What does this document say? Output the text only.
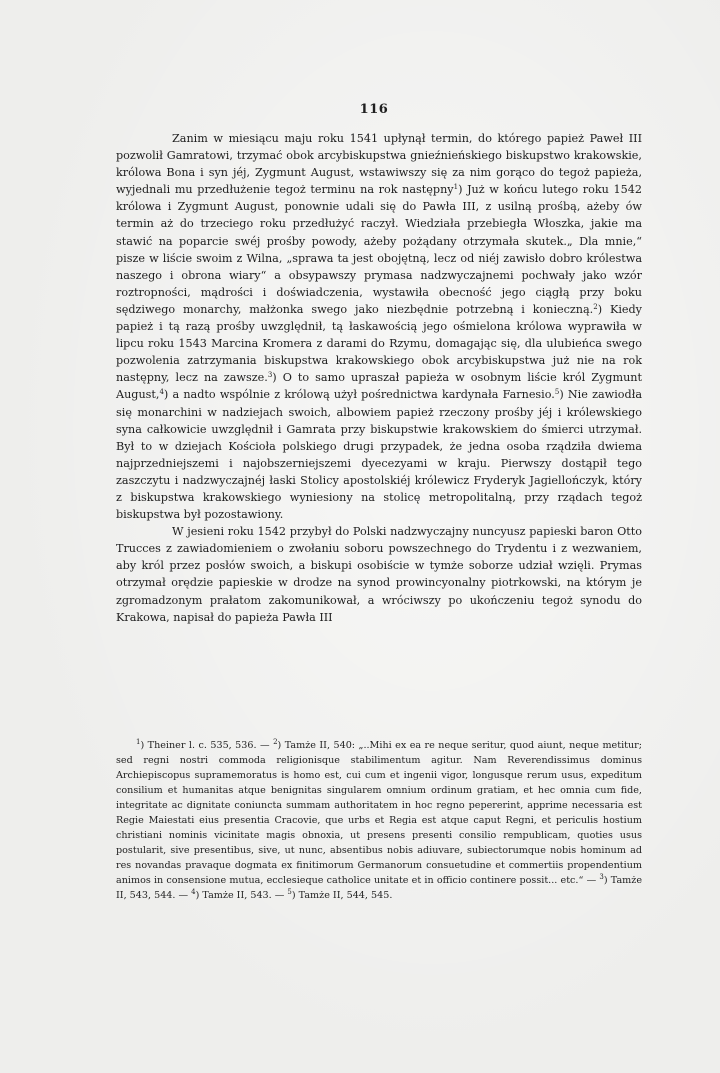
116

Zanim w miesiącu maju roku 1541 upłynął termin, do którego papież Paweł III pozwolił Gamratowi, trzymać obok arcybiskupstwa gnieźnieńskiego biskupstwo krakowskie, królowa Bona i syn jéj, Zygmunt August, wstawiwszy się za nim gorąco do tegoż papieża, wyjednali mu przedłużenie tegoż terminu na rok następny$^1$) Już w końcu lutego roku 1542 królowa i Zygmunt August, ponownie udali się do Pawła III, z usilną prośbą, ażeby ów termin aż do trzeciego roku przedłużyć raczył. Wiedziała przebiegła Włoszka, jakie ma stawić na poparcie swéj prośby powody, ażeby pożądany otrzymała skutek.„ Dla mnie,“ pisze w liście swoim z Wilna, „sprawa ta jest obojętną, lecz od niéj zawisło dobro królestwa naszego i obrona wiary“ a obsypawszy prymasa nadzwyczajnemi pochwały jako wzór roztropności, mądrości i doświadczenia, wystawiła obecność jego ciągłą przy boku sędziwego monarchy, małżonka swego jako niezbędnie potrzebną i konieczną.$^2$) Kiedy papież i tą razą prośby uwzględnił, tą łaskawością jego ośmielona królowa wyprawiła w lipcu roku 1543 Marcina Kromera z darami do Rzymu, domagając się, dla ulubieńca swego pozwolenia zatrzymania biskupstwa krakowskiego obok arcybiskupstwa już nie na rok następny, lecz na zawsze.$^3$) O to samo upraszał papieża w osobnym liście król Zygmunt August,$^4$) a nadto wspólnie z królową użył pośrednictwa kardynała Farnesio.$^5$) Nie zawiodła się monarchini w nadziejach swoich, albowiem papież rzeczony prośby jéj i królewskiego syna całkowicie uwzględnił i Gamrata przy biskupstwie krakowskiem do śmierci utrzymał. Był to w dziejach Kościoła polskiego drugi przypadek, że jedna osoba rządziła dwiema najprzedniejszemi i najobszerniejszemi dyecezyami w kraju. Pierwszy dostąpił tego zaszczytu i nadzwyczajnéj łaski Stolicy apostolskiéj królewicz Fryderyk Jagiellończyk, który z biskupstwa krakowskiego wyniesiony na stolicę metropolitalną, przy rządach tegoż biskupstwa był pozostawiony.

W jesieni roku 1542 przybył do Polski nadzwyczajny nuncyusz papieski baron Otto Trucces z zawiadomieniem o zwołaniu soboru powszechnego do Trydentu i z wezwaniem, aby król przez posłów swoich, a biskupi osobiście w tymże soborze udział wzięli. Prymas otrzymał orędzie papieskie w drodze na synod prowincyonalny piotrkowski, na którym je zgromadzonym prałatom zakomunikował, a wróciwszy po ukończeniu tegoż synodu do Krakowa, napisał do papieża Pawła III

$^1$) Theiner l. c. 535, 536. — $^2$) Tamże II, 540: „..Mihi ex ea re neque seritur, quod aiunt, neque metitur; sed regni nostri commoda religionisque stabilimentum agitur. Nam Reverendissimus dominus Archiepiscopus supramemoratus is homo est, cui cum et ingenii vigor, longusque rerum usus, expeditum consilium et humanitas atque benignitas singularem omnium ordinum gratiam, et hec omnia cum fide, integritate ac dignitate coniuncta summam authoritatem in hoc regno pepererint, apprime necessaria est Regie Maiestati eius presentia Cracovie, que urbs et Regia est atque caput Regni, et periculis hostium christiani nominis vicinitate magis obnoxia, ut presens presenti consilio rempublicam, quoties usus postularit, sive presentibus, sive, ut nunc, absentibus nobis adiuvare, subiectorumque nobis hominum ad res novandas pravaque dogmata ex finitimorum Germanorum consuetudine et commertiis propendentium animos in consensione mutua, ecclesieque catholice unitate et in officio continere possit... etc.“ — $^3$) Tamże II, 543, 544. — $^4$) Tamże II, 543. — $^5$) Tamże II, 544, 545.
